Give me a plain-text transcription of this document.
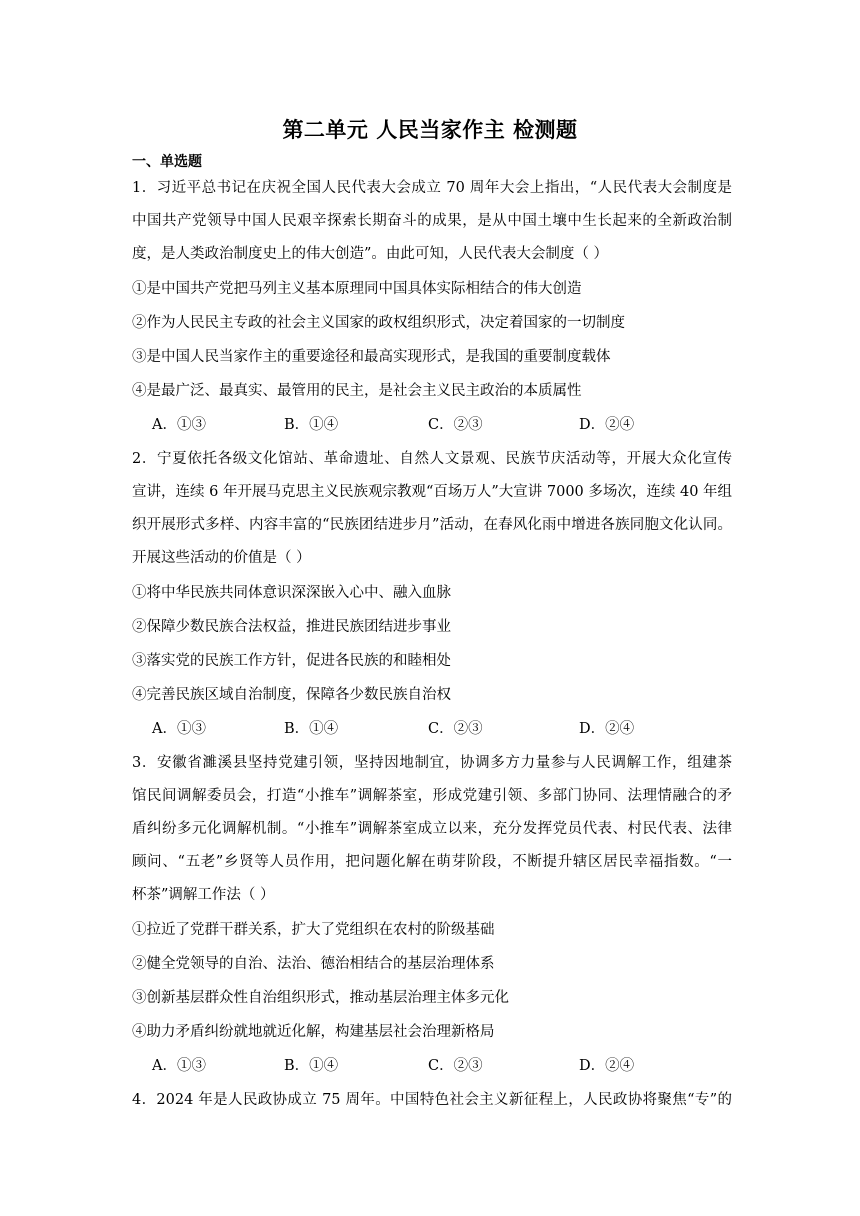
第二单元 人民当家作主 检测题
一、单选题
1．习近平总书记在庆祝全国人民代表大会成立 70 周年大会上指出，“人民代表大会制度是
中国共产党领导中国人民艰辛探索长期奋斗的成果，是从中国土壤中生长起来的全新政治制
度，是人类政治制度史上的伟大创造”。由此可知，人民代表大会制度（ ）
①是中国共产党把马列主义基本原理同中国具体实际相结合的伟大创造
②作为人民民主专政的社会主义国家的政权组织形式，决定着国家的一切制度
③是中国人民当家作主的重要途径和最高实现形式，是我国的重要制度载体
④是最广泛、最真实、最管用的民主，是社会主义民主政治的本质属性
A．①③	B．①④	C．②③	D．②④
2．宁夏依托各级文化馆站、革命遗址、自然人文景观、民族节庆活动等，开展大众化宣传
宣讲，连续 6 年开展马克思主义民族观宗教观“百场万人”大宣讲 7000 多场次，连续 40 年组
织开展形式多样、内容丰富的“民族团结进步月”活动，在春风化雨中增进各族同胞文化认同。
开展这些活动的价值是（ ）
①将中华民族共同体意识深深嵌入心中、融入血脉
②保障少数民族合法权益，推进民族团结进步事业
③落实党的民族工作方针，促进各民族的和睦相处
④完善民族区域自治制度，保障各少数民族自治权
A．①③	B．①④	C．②③	D．②④
3．安徽省濉溪县坚持党建引领，坚持因地制宜，协调多方力量参与人民调解工作，组建茶
馆民间调解委员会，打造“小推车”调解茶室，形成党建引领、多部门协同、法理情融合的矛
盾纠纷多元化调解机制。“小推车”调解茶室成立以来，充分发挥党员代表、村民代表、法律
顾问、“五老”乡贤等人员作用，把问题化解在萌芽阶段，不断提升辖区居民幸福指数。“一
杯茶”调解工作法（ ）
①拉近了党群干群关系，扩大了党组织在农村的阶级基础
②健全党领导的自治、法治、德治相结合的基层治理体系
③创新基层群众性自治组织形式，推动基层治理主体多元化
④助力矛盾纠纷就地就近化解，构建基层社会治理新格局
A．①③	B．①④	C．②③	D．②④
4．2024 年是人民政协成立 75 周年。中国特色社会主义新征程上，人民政协将聚焦“专”的
